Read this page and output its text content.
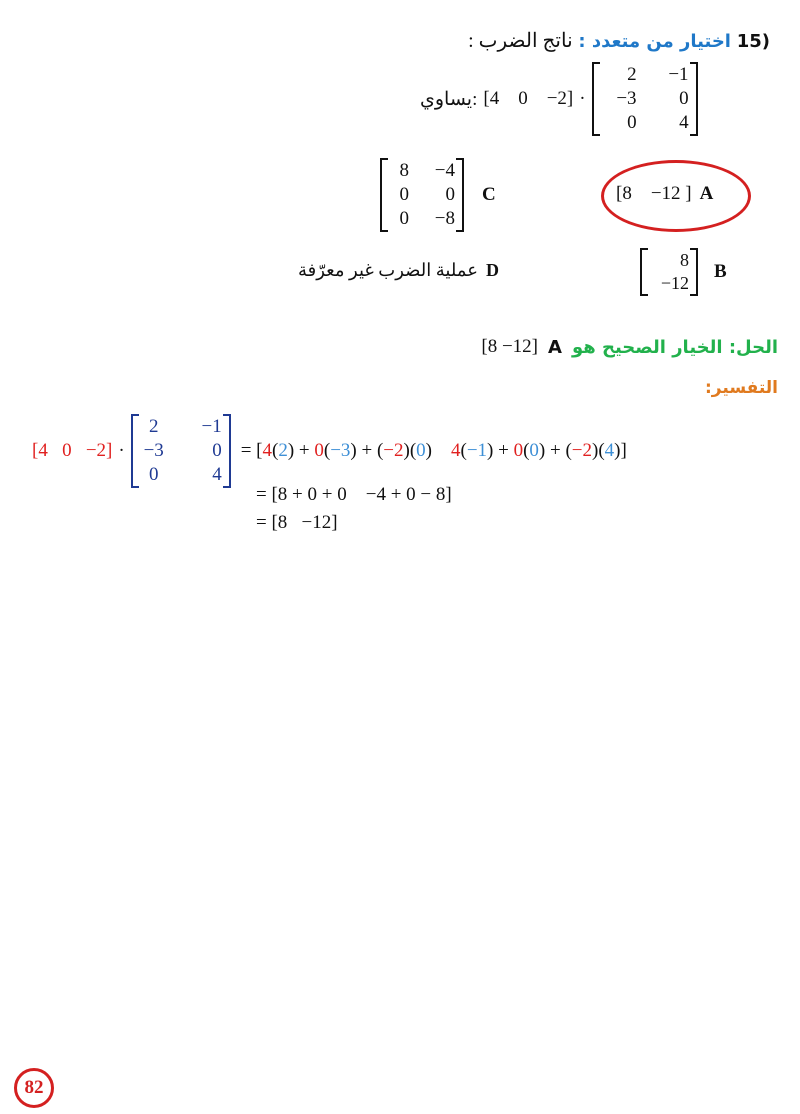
15) اختيار من متعدد : ناتج الضرب :
يساوي: [4 0 −2] ·
2	−1
−3	0
0	4
8	−4
0	0
0	−8
C	[8 −12 ] A
عملية الضرب غير معرّفة D	8
−12
B
الحل: الخيار الصحيح هو
A
[8 −12]
التفسير:
[4   0   −2] ·
2	−1
−3	0
0	4
= [4(2) + 0(−3) + (−2)(0)    4(−1) + 0(0) + (−2)(4)]
= [8 + 0 + 0    −4 + 0 − 8]
= [8   −12]
82
